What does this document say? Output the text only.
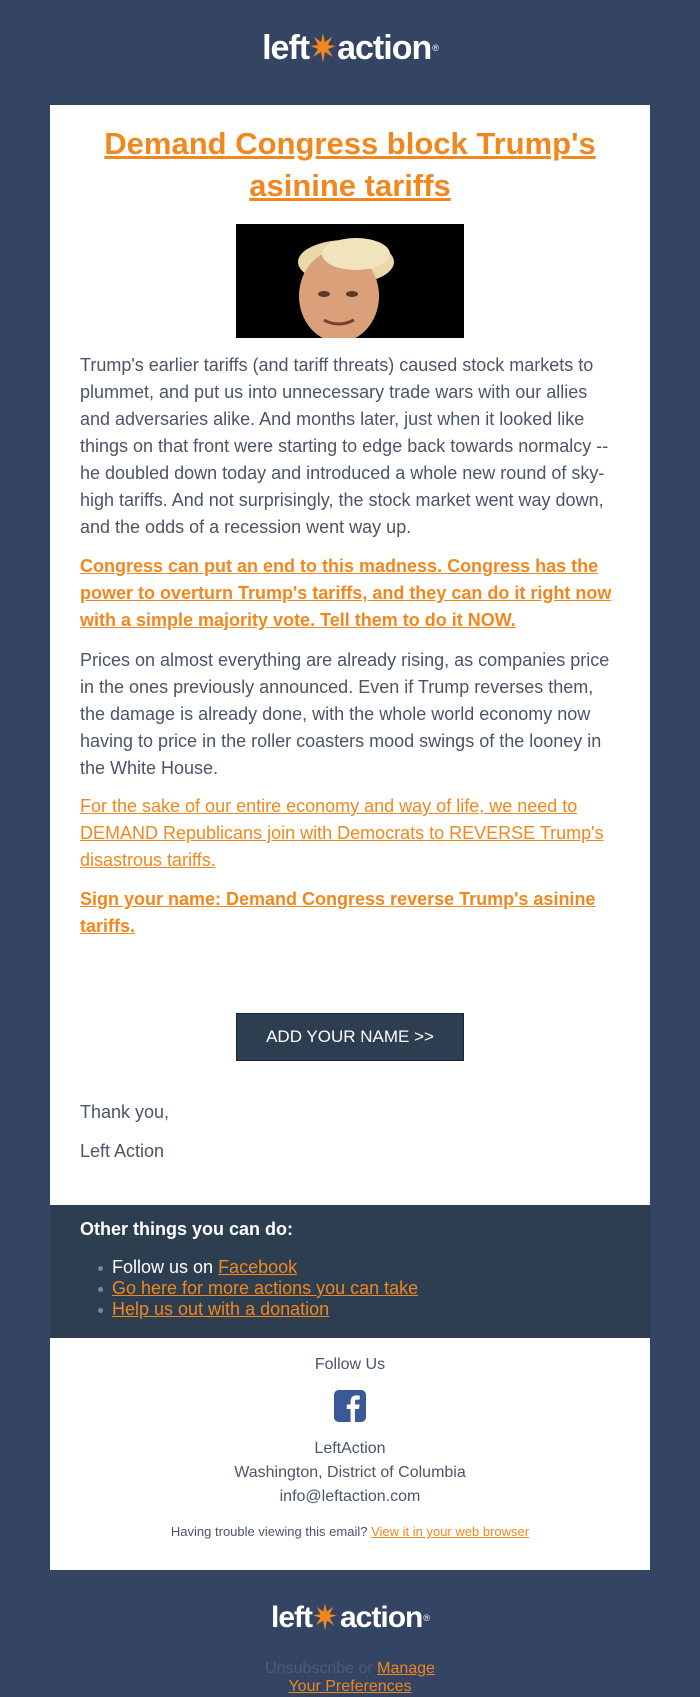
left action ®
Demand Congress block Trump's asinine tariffs
Trump's earlier tariffs (and tariff threats) caused stock markets to plummet, and put us into unnecessary trade wars with our allies and adversaries alike. And months later, just when it looked like things on that front were starting to edge back towards normalcy -- he doubled down today and introduced a whole new round of sky-high tariffs. And not surprisingly, the stock market went way down, and the odds of a recession went way up.
Congress can put an end to this madness. Congress has the power to overturn Trump's tariffs, and they can do it right now with a simple majority vote. Tell them to do it NOW.
Prices on almost everything are already rising, as companies price in the ones previously announced. Even if Trump reverses them, the damage is already done, with the whole world economy now having to price in the roller coasters mood swings of the looney in the White House.
For the sake of our entire economy and way of life, we need to DEMAND Republicans join with Democrats to REVERSE Trump's disastrous tariffs.
Sign your name: Demand Congress reverse Trump's asinine tariffs.
ADD YOUR NAME >>
Thank you,
Left Action
Other things you can do:
Follow us on Facebook
Go here for more actions you can take
Help us out with a donation
Follow Us
LeftAction
Washington, District of Columbia
info@leftaction.com
Having trouble viewing this email? View it in your web browser
left action ®
Unsubscribe or Manage Your Preferences
